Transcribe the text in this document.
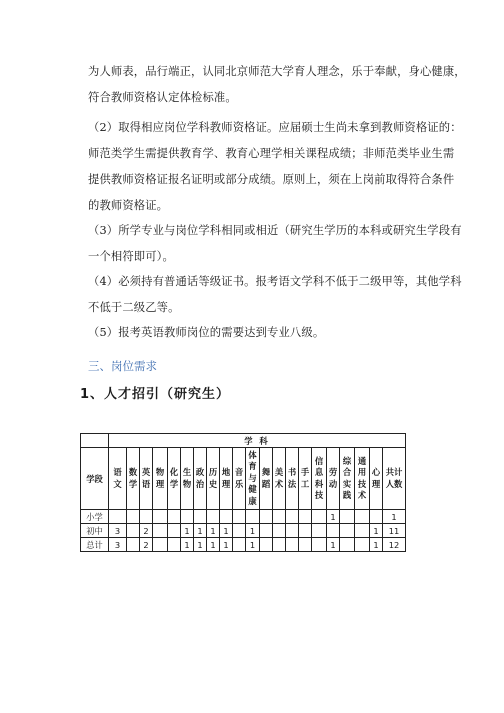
为人师表，品行端正，认同北京师范大学育人理念，乐于奉献，身心健康，
符合教师资格认定体检标准。
（2）取得相应岗位学科教师资格证。应届硕士生尚未拿到教师资格证的：
师范类学生需提供教育学、教育心理学相关课程成绩；非师范类毕业生需
提供教师资格证报名证明或部分成绩。原则上，须在上岗前取得符合条件
的教师资格证。
（3）所学专业与岗位学科相同或相近（研究生学历的本科或研究生学段有
一个相符即可）。
（4）必须持有普通话等级证书。报考语文学科不低于二级甲等，其他学科
不低于二级乙等。
（5）报考英语教师岗位的需要达到专业八级。
三、岗位需求
1、人才招引（研究生）
	学 科																				
学段	语文	数学	英语	物理	化学	生物	政治	历史	地理	音乐	体育与健康	舞蹈	美术	书法	手工	信息科技	劳动	综合实践	通用技术	心理	共计人数
小学																	1				1
初中	3		2			1	1	1	1		1									1	11
总计	3		2			1	1	1	1		1						1			1	12
